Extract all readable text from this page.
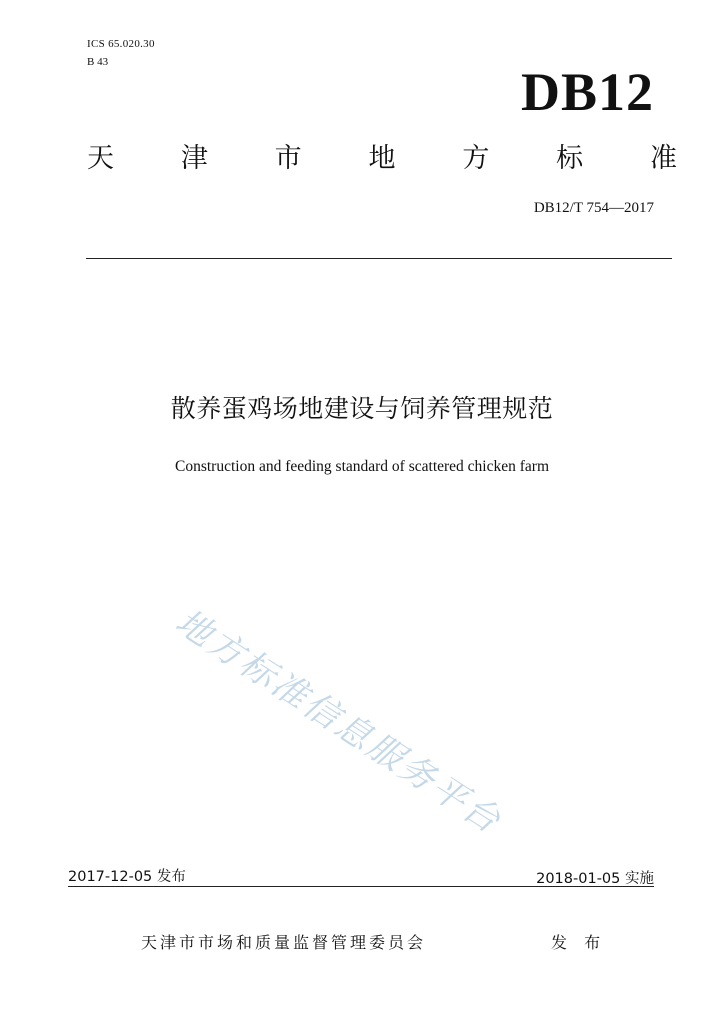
ICS 65.020.30
B 43	DB12
天 津 市 地 方 标 准
DB12/T 754—2017
散养蛋鸡场地建设与饲养管理规范
Construction and feeding standard of scattered chicken farm
地方标准信息服务平台
2017-12-05 发布	2018-01-05 实施
天津市市场和质量监督管理委员会	发 布
